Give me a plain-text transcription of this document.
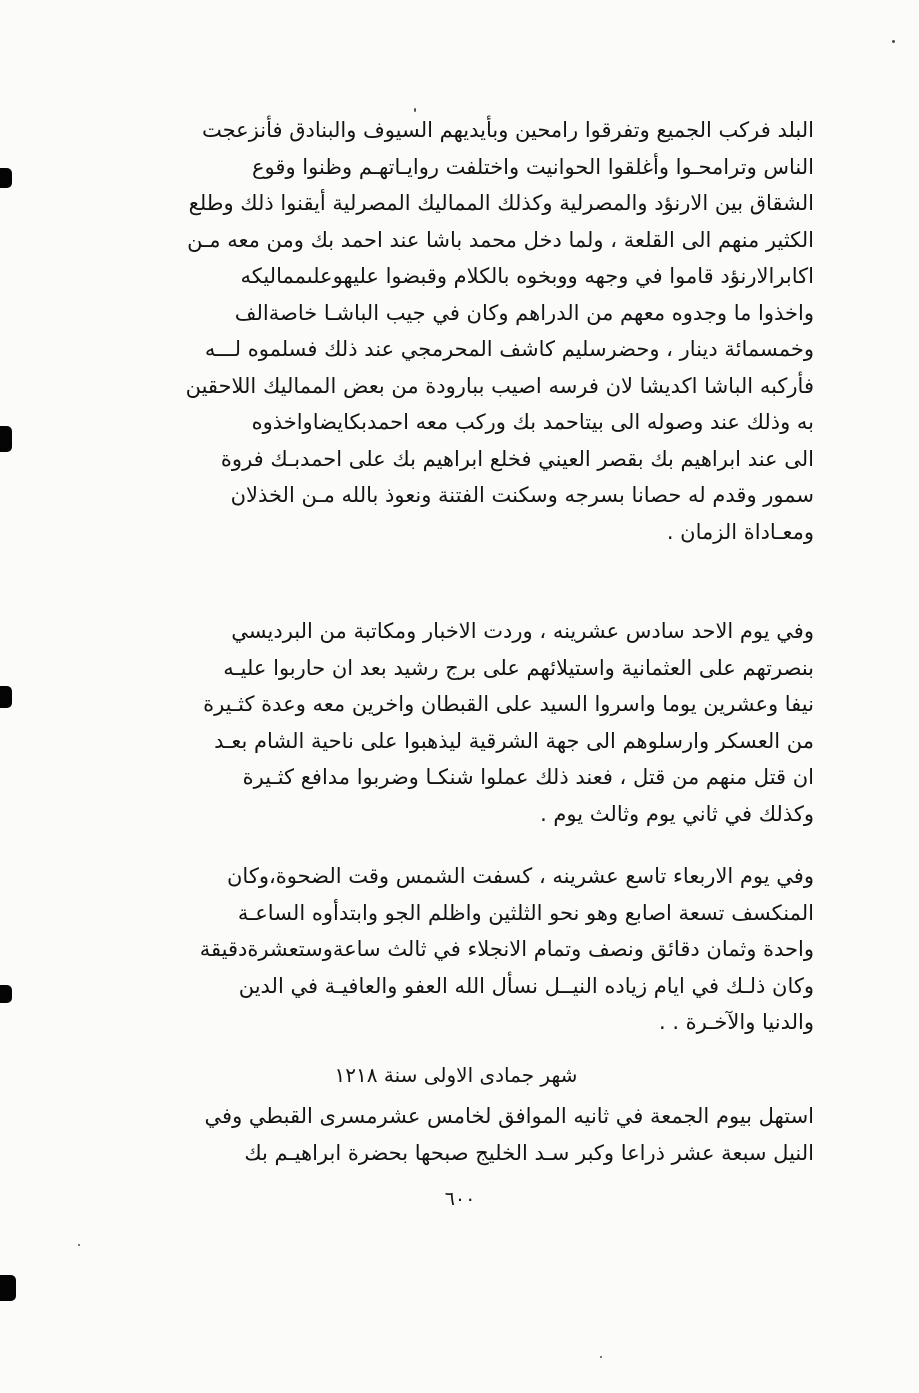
البلد فركب الجميع وتفرقوا رامحين وبأيديهم السيوف والبنادق فأنزعجت
الناس وترامحـوا وأغلقوا الحوانيت واختلفت روايـاتهـم وظنوا وقوع
الشقاق بين الارنؤد والمصرلية وكذلك المماليك المصرلية أيقنوا ذلك وطلع
الكثير منهم الى القلعة ، ولما دخل محمد باشا عند احمد بك ومن معه مـن
اكابرالارنؤد قاموا في وجهه ووبخوه بالكلام وقبضوا عليهوعلىمماليكه
واخذوا ما وجدوه معهم من الدراهم وكان في جيب الباشـا خاصةالف
وخمسمائة دينار ، وحضرسليم كاشف المحرمجي عند ذلك فسلموه لـــه
فأركبه الباشا اكديشا لان فرسه اصيب ببارودة من بعض المماليك اللاحقين
به وذلك عند وصوله الى بيتاحمد بك وركب معه احمدبكايضاواخذوه
الى عند ابراهيم بك بقصر العيني فخلع ابراهيم بك على احمدبـك فروة
سمور وقدم له حصانا بسرجه وسكنت الفتنة ونعوذ بالله مـن الخذلان
ومعـاداة الزمان .
وفي يوم الاحد سادس عشرينه ، وردت الاخبار ومكاتبة من البرديسي
بنصرتهم على العثمانية واستيلائهم على برج رشيد بعد ان حاربوا عليـه
نيفا وعشرين يوما واسروا السيد على القبطان واخرين معه وعدة كثـيرة
من العسكر وارسلوهم الى جهة الشرقية ليذهبوا على ناحية الشام بعـد
ان قتل منهم من قتل ، فعند ذلك عملوا شنكـا وضربوا مدافع كثـيرة
وكذلك في ثاني يوم وثالث يوم .
وفي يوم الاربعاء تاسع عشرينه ، كسفت الشمس وقت الضحوة،وكان
المنكسف تسعة اصابع وهو نحو الثلثين واظلم الجو وابتدأوه الساعـة
واحدة وثمان دقائق ونصف وتمام الانجلاء في ثالث ساعةوستعشرةدقيقة
وكان ذلـك في ايام زياده النيــل نسأل الله العفو والعافيـة في الدين
والدنيا والآخـرة . .
شهر جمادى الاولى سنة ١٢١٨
استهل بيوم الجمعة في ثانيه الموافق لخامس عشرمسرى القبطي وفي
النيل سبعة عشر ذراعا وكبر سـد الخليج صبحها بحضرة ابراهيـم بك
٦٠٠
